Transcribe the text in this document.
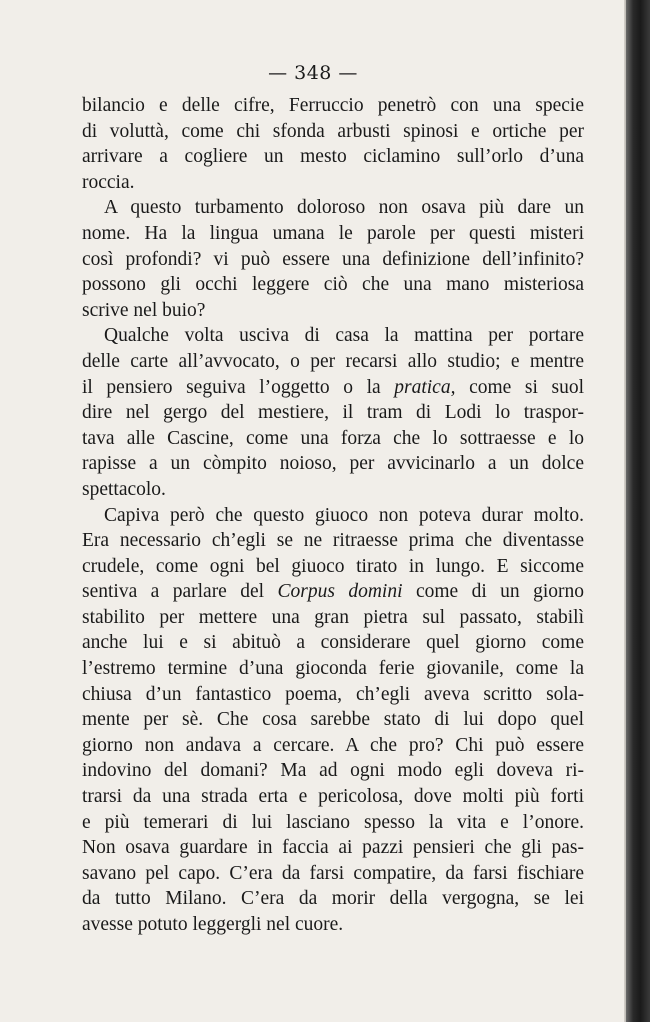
— 348 —
bilancio e delle cifre, Ferruccio penetrò con una specie
di voluttà, come chi sfonda arbusti spinosi e ortiche per
arrivare a cogliere un mesto ciclamino sull’orlo d’una
roccia.
A questo turbamento doloroso non osava più dare un
nome. Ha la lingua umana le parole per questi misteri
così profondi? vi può essere una definizione dell’infinito?
possono gli occhi leggere ciò che una mano misteriosa
scrive nel buio?
Qualche volta usciva di casa la mattina per portare
delle carte all’avvocato, o per recarsi allo studio; e mentre
il pensiero seguiva l’oggetto o la pratica, come si suol
dire nel gergo del mestiere, il tram di Lodi lo traspor-
tava alle Cascine, come una forza che lo sottraesse e lo
rapisse a un còmpito noioso, per avvicinarlo a un dolce
spettacolo.
Capiva però che questo giuoco non poteva durar molto.
Era necessario ch’egli se ne ritraesse prima che diventasse
crudele, come ogni bel giuoco tirato in lungo. E siccome
sentiva a parlare del Corpus domini come di un giorno
stabilito per mettere una gran pietra sul passato, stabilì
anche lui e si abituò a considerare quel giorno come
l’estremo termine d’una gioconda ferie giovanile, come la
chiusa d’un fantastico poema, ch’egli aveva scritto sola-
mente per sè. Che cosa sarebbe stato di lui dopo quel
giorno non andava a cercare. A che pro? Chi può essere
indovino del domani? Ma ad ogni modo egli doveva ri-
trarsi da una strada erta e pericolosa, dove molti più forti
e più temerari di lui lasciano spesso la vita e l’onore.
Non osava guardare in faccia ai pazzi pensieri che gli pas-
savano pel capo. C’era da farsi compatire, da farsi fischiare
da tutto Milano. C’era da morir della vergogna, se lei
avesse potuto leggergli nel cuore.
